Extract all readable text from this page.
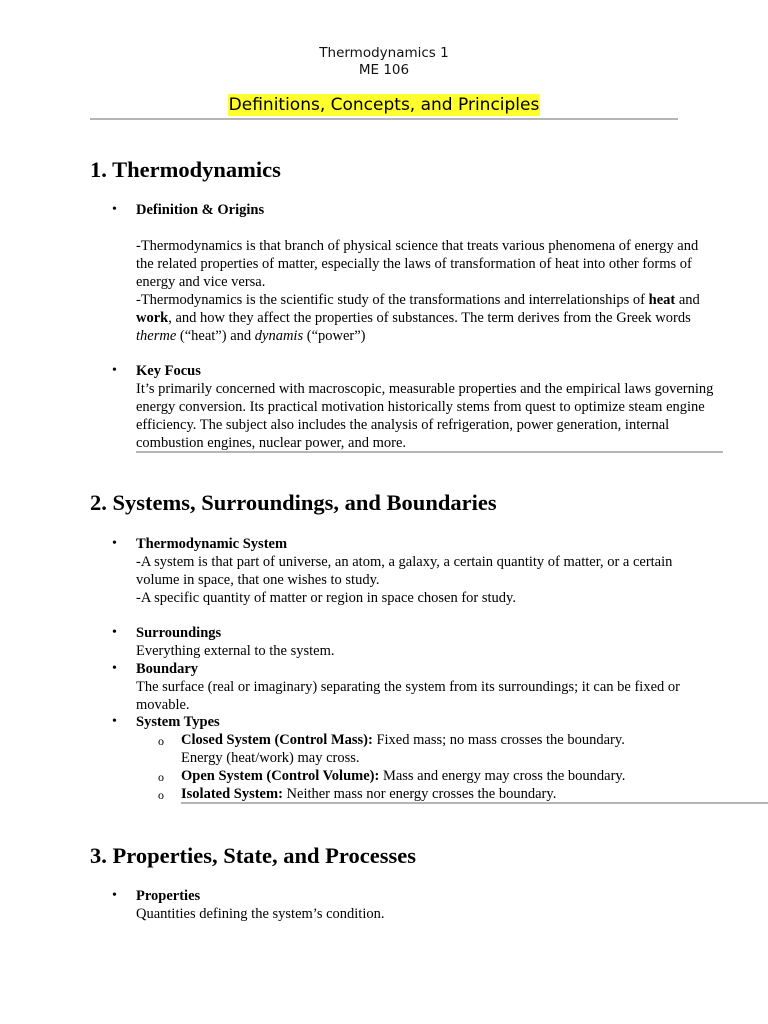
Thermodynamics 1
ME 106
Definitions, Concepts, and Principles
1. Thermodynamics
• Definition & Origins
-Thermodynamics is that branch of physical science that treats various phenomena of energy and the related properties of matter, especially the laws of transformation of heat into other forms of energy and vice versa.
-Thermodynamics is the scientific study of the transformations and interrelationships of heat and work, and how they affect the properties of substances. The term derives from the Greek words therme (“heat”) and dynamis (“power”)
• Key Focus
It’s primarily concerned with macroscopic, measurable properties and the empirical laws governing energy conversion. Its practical motivation historically stems from quest to optimize steam engine efficiency. The subject also includes the analysis of refrigeration, power generation, internal combustion engines, nuclear power, and more.
2. Systems, Surroundings, and Boundaries
• Thermodynamic System
-A system is that part of universe, an atom, a galaxy, a certain quantity of matter, or a certain volume in space, that one wishes to study.
-A specific quantity of matter or region in space chosen for study.
• Surroundings
Everything external to the system.
• Boundary
The surface (real or imaginary) separating the system from its surroundings; it can be fixed or movable.
• System Types
o Closed System (Control Mass): Fixed mass; no mass crosses the boundary. Energy (heat/work) may cross.
o Open System (Control Volume): Mass and energy may cross the boundary.
o Isolated System: Neither mass nor energy crosses the boundary.
3. Properties, State, and Processes
• Properties
Quantities defining the system’s condition.
